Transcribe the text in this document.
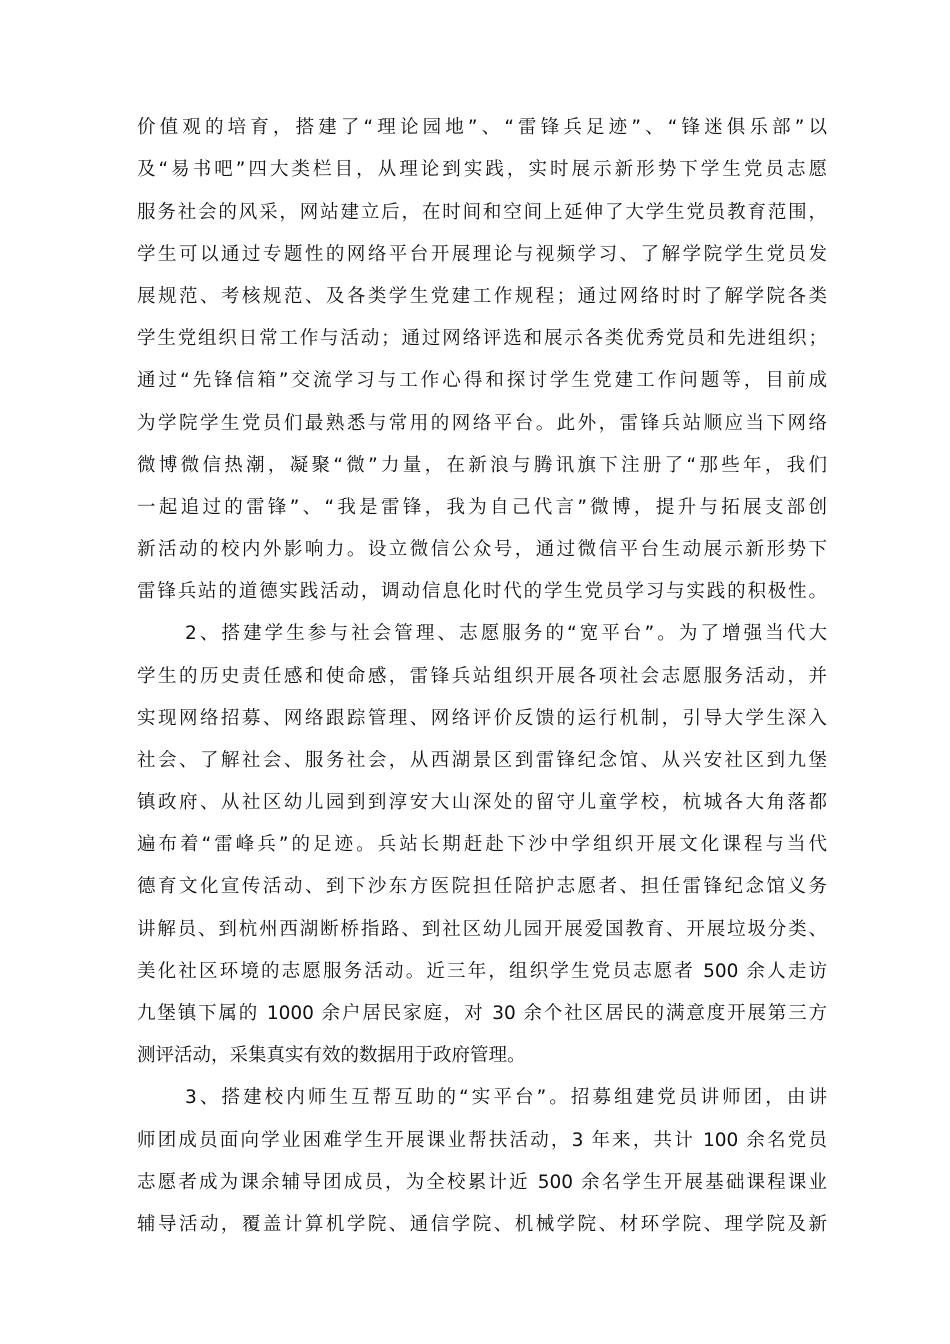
价值观的培育，搭建了“理论园地”、“雷锋兵足迹”、“锋迷俱乐部”以
及“易书吧”四大类栏目，从理论到实践，实时展示新形势下学生党员志愿
服务社会的风采，网站建立后，在时间和空间上延伸了大学生党员教育范围，
学生可以通过专题性的网络平台开展理论与视频学习、了解学院学生党员发
展规范、考核规范、及各类学生党建工作规程；通过网络时时了解学院各类
学生党组织日常工作与活动；通过网络评选和展示各类优秀党员和先进组织；
通过“先锋信箱”交流学习与工作心得和探讨学生党建工作问题等，目前成
为学院学生党员们最熟悉与常用的网络平台。此外，雷锋兵站顺应当下网络
微博微信热潮，凝聚“微”力量，在新浪与腾讯旗下注册了“那些年，我们
一起追过的雷锋”、“我是雷锋，我为自己代言”微博，提升与拓展支部创
新活动的校内外影响力。设立微信公众号，通过微信平台生动展示新形势下
雷锋兵站的道德实践活动，调动信息化时代的学生党员学习与实践的积极性。
2、搭建学生参与社会管理、志愿服务的“宽平台”。为了增强当代大
学生的历史责任感和使命感，雷锋兵站组织开展各项社会志愿服务活动，并
实现网络招募、网络跟踪管理、网络评价反馈的运行机制，引导大学生深入
社会、了解社会、服务社会，从西湖景区到雷锋纪念馆、从兴安社区到九堡
镇政府、从社区幼儿园到到淳安大山深处的留守儿童学校，杭城各大角落都
遍布着“雷峰兵”的足迹。兵站长期赶赴下沙中学组织开展文化课程与当代
德育文化宣传活动、到下沙东方医院担任陪护志愿者、担任雷锋纪念馆义务
讲解员、到杭州西湖断桥指路、到社区幼儿园开展爱国教育、开展垃圾分类、
美化社区环境的志愿服务活动。近三年，组织学生党员志愿者 500 余人走访
九堡镇下属的 1000 余户居民家庭，对 30 余个社区居民的满意度开展第三方
测评活动，采集真实有效的数据用于政府管理。
3、搭建校内师生互帮互助的“实平台”。招募组建党员讲师团，由讲
师团成员面向学业困难学生开展课业帮扶活动，3 年来，共计 100 余名党员
志愿者成为课余辅导团成员，为全校累计近 500 余名学生开展基础课程课业
辅导活动，覆盖计算机学院、通信学院、机械学院、材环学院、理学院及新
